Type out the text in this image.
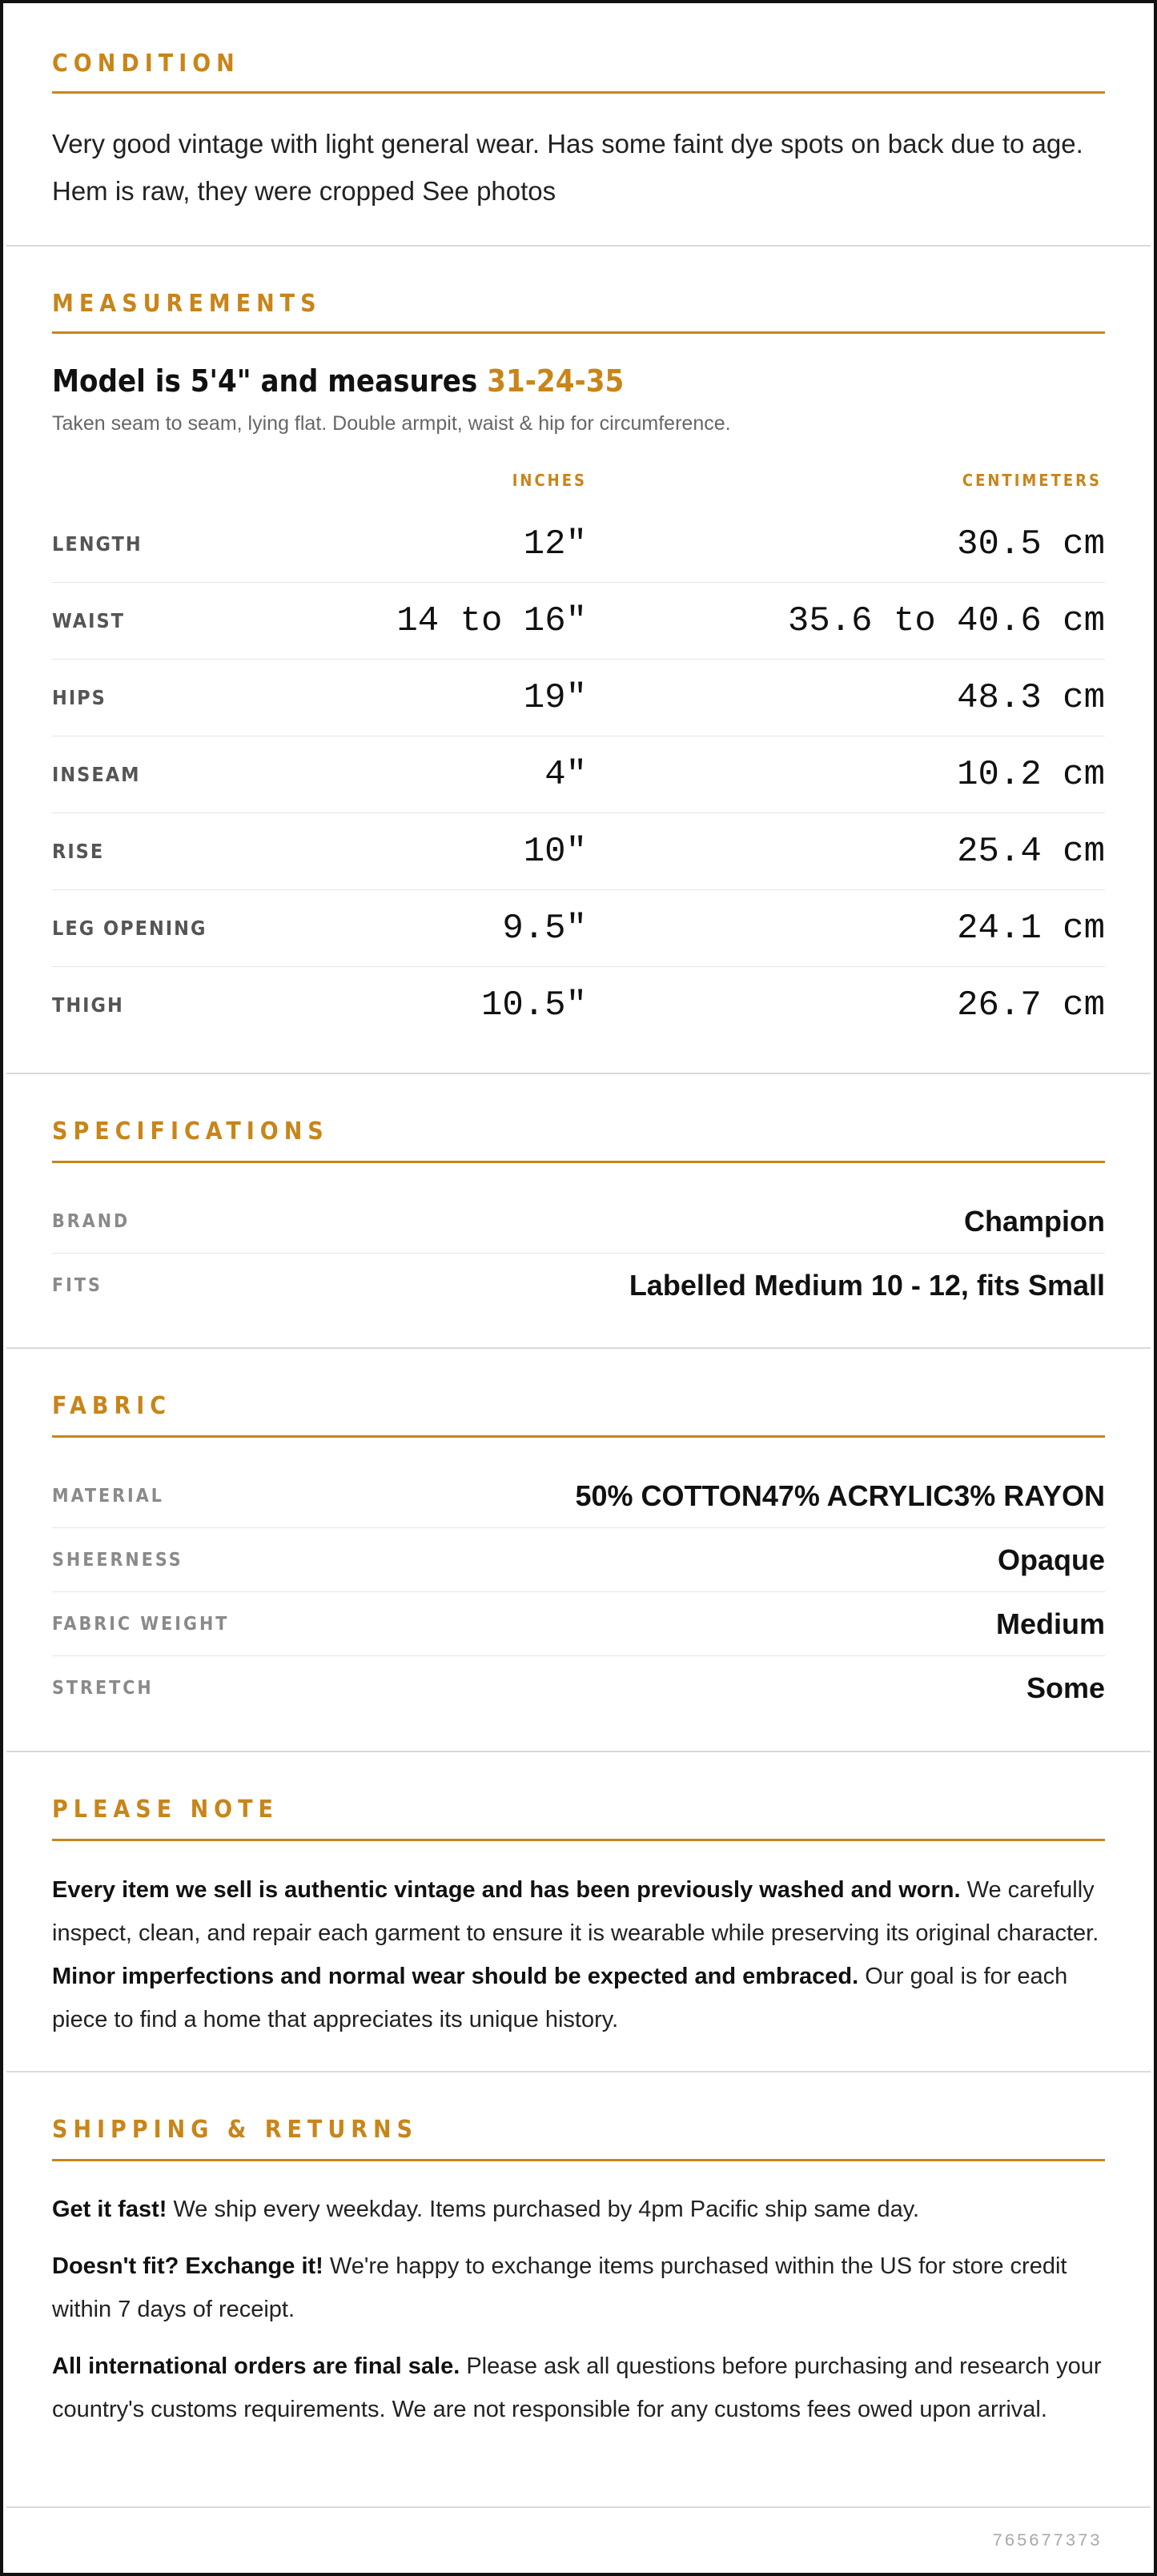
CONDITION
Very good vintage with light general wear. Has some faint dye spots on back due to age. Hem is raw, they were cropped See photos
MEASUREMENTS
Model is 5'4" and measures 31-24-35
Taken seam to seam, lying flat. Double armpit, waist & hip for circumference.
INCHES	CENTIMETERS
LENGTH	12"	30.5 cm
WAIST	14 to 16"	35.6 to 40.6 cm
HIPS	19"	48.3 cm
INSEAM	4"	10.2 cm
RISE	10"	25.4 cm
LEG OPENING	9.5"	24.1 cm
THIGH	10.5"	26.7 cm
SPECIFICATIONS
BRAND	Champion
FITS	Labelled Medium 10 - 12, fits Small
FABRIC
MATERIAL	50% COTTON47% ACRYLIC3% RAYON
SHEERNESS	Opaque
FABRIC WEIGHT	Medium
STRETCH	Some
PLEASE NOTE
Every item we sell is authentic vintage and has been previously washed and worn. We carefully inspect, clean, and repair each garment to ensure it is wearable while preserving its original character. Minor imperfections and normal wear should be expected and embraced. Our goal is for each piece to find a home that appreciates its unique history.
SHIPPING & RETURNS

Get it fast! We ship every weekday. Items purchased by 4pm Pacific ship same day.

Doesn't fit? Exchange it! We're happy to exchange items purchased within the US for store credit within 7 days of receipt.

All international orders are final sale. Please ask all questions before purchasing and research your country's customs requirements. We are not responsible for any customs fees owed upon arrival.

765677373
